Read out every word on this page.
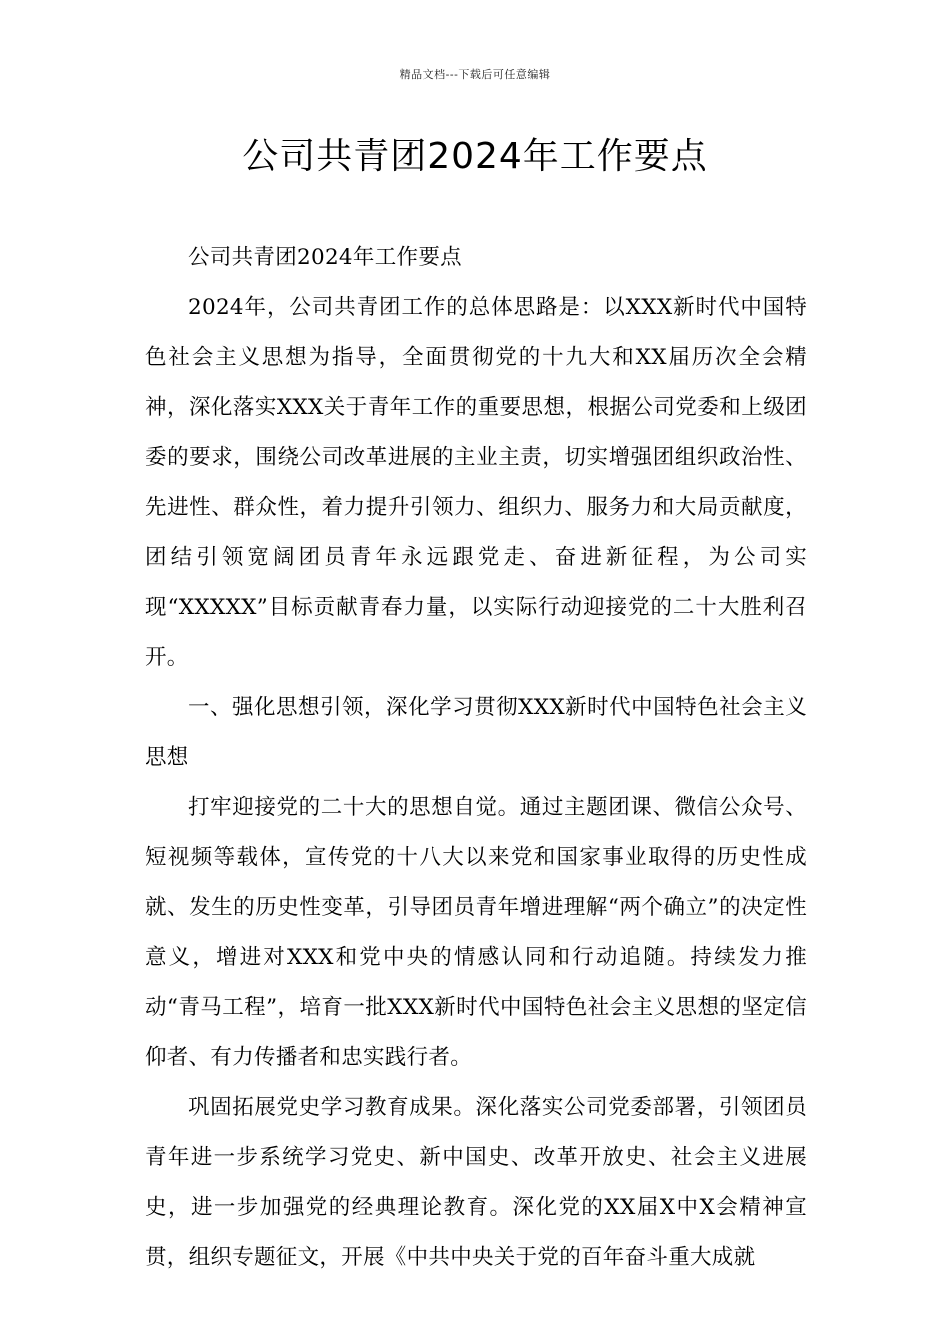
精品文档---下载后可任意编辑
公司共青团2024年工作要点

公司共青团2024年工作要点

2024年，公司共青团工作的总体思路是：以XXX新时代中国特色社会主义思想为指导，全面贯彻党的十九大和XX届历次全会精神，深化落实XXX关于青年工作的重要思想，根据公司党委和上级团委的要求，围绕公司改革进展的主业主责，切实增强团组织政治性、先进性、群众性，着力提升引领力、组织力、服务力和大局贡献度，团结引领宽阔团员青年永远跟党走、奋进新征程，为公司实现“XXXXX”目标贡献青春力量，以实际行动迎接党的二十大胜利召开。

一、强化思想引领，深化学习贯彻XXX新时代中国特色社会主义思想

打牢迎接党的二十大的思想自觉。通过主题团课、微信公众号、短视频等载体，宣传党的十八大以来党和国家事业取得的历史性成就、发生的历史性变革，引导团员青年增进理解“两个确立”的决定性意义，增进对XXX和党中央的情感认同和行动追随。持续发力推动“青马工程”，培育一批XXX新时代中国特色社会主义思想的坚定信仰者、有力传播者和忠实践行者。

巩固拓展党史学习教育成果。深化落实公司党委部署，引领团员青年进一步系统学习党史、新中国史、改革开放史、社会主义进展史，进一步加强党的经典理论教育。深化党的XX届X中X会精神宣贯，组织专题征文，开展《中共中央关于党的百年奋斗重大成就
